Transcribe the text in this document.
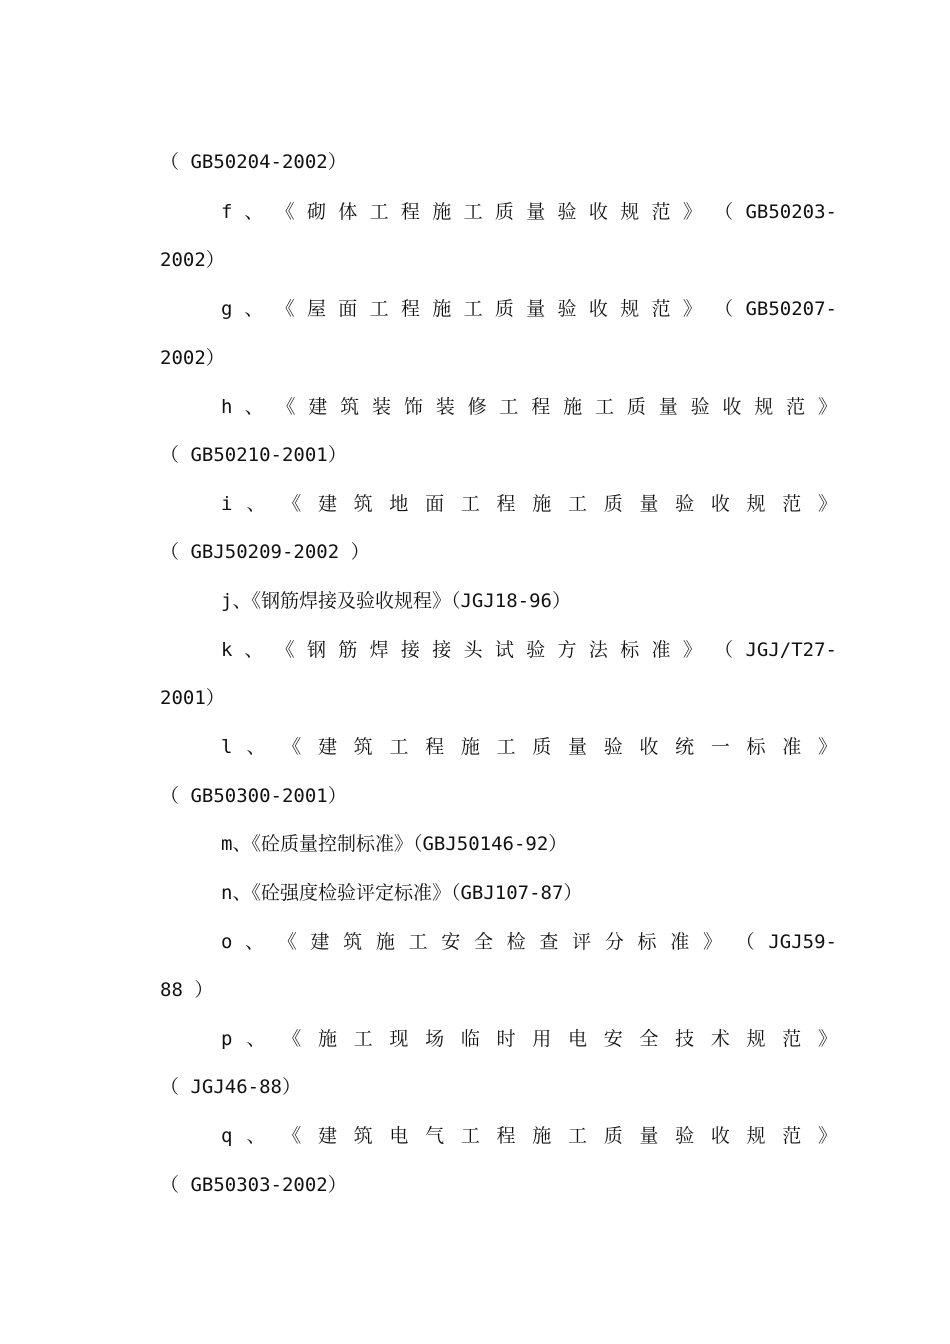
（ GB50204-2002）
f 、 《 砌 体 工 程 施 工 质 量 验 收 规 范 》 （ GB50203-
2002）
g 、 《 屋 面 工 程 施 工 质 量 验 收 规 范 》 （ GB50207-
2002）
h 、 《 建 筑 装 饰 装 修 工 程 施 工 质 量 验 收 规 范 》
（ GB50210-2001）
i 、 《 建 筑 地 面 工 程 施 工 质 量 验 收 规 范 》
（ GBJ50209-2002 ）
j、《钢筋焊接及验收规程》（JGJ18-96）
k 、 《 钢 筋 焊 接 接 头 试 验 方 法 标 准 》 （ JGJ/T27-
2001）
l 、 《 建 筑 工 程 施 工 质 量 验 收 统 一 标 准 》
（ GB50300-2001）
m、《砼质量控制标准》（GBJ50146-92）
n、《砼强度检验评定标准》（GBJ107-87）
o 、 《 建 筑 施 工 安 全 检 查 评 分 标 准 》 （ JGJ59-
88 ）
p 、 《 施 工 现 场 临 时 用 电 安 全 技 术 规 范 》
（ JGJ46-88）
q 、 《 建 筑 电 气 工 程 施 工 质 量 验 收 规 范 》
（ GB50303-2002）
